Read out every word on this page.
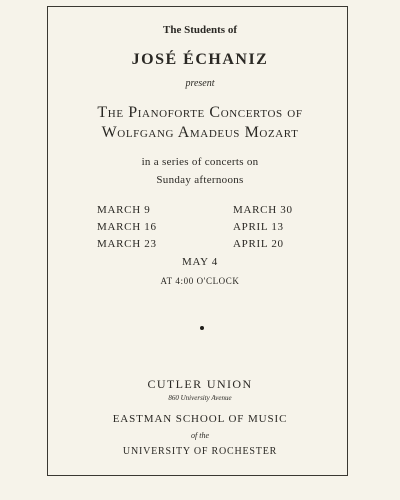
The Students of
JOSÉ ÉCHANIZ
present
The Pianoforte Concertos of
Wolfgang Amadeus Mozart
in a series of concerts on
Sunday afternoons
MARCH 9
MARCH 16
MARCH 23
MARCH 30
APRIL 13
APRIL 20
MAY 4
AT 4:00 O'CLOCK
CUTLER UNION
860 University Avenue
EASTMAN SCHOOL OF MUSIC
of the
UNIVERSITY OF ROCHESTER
